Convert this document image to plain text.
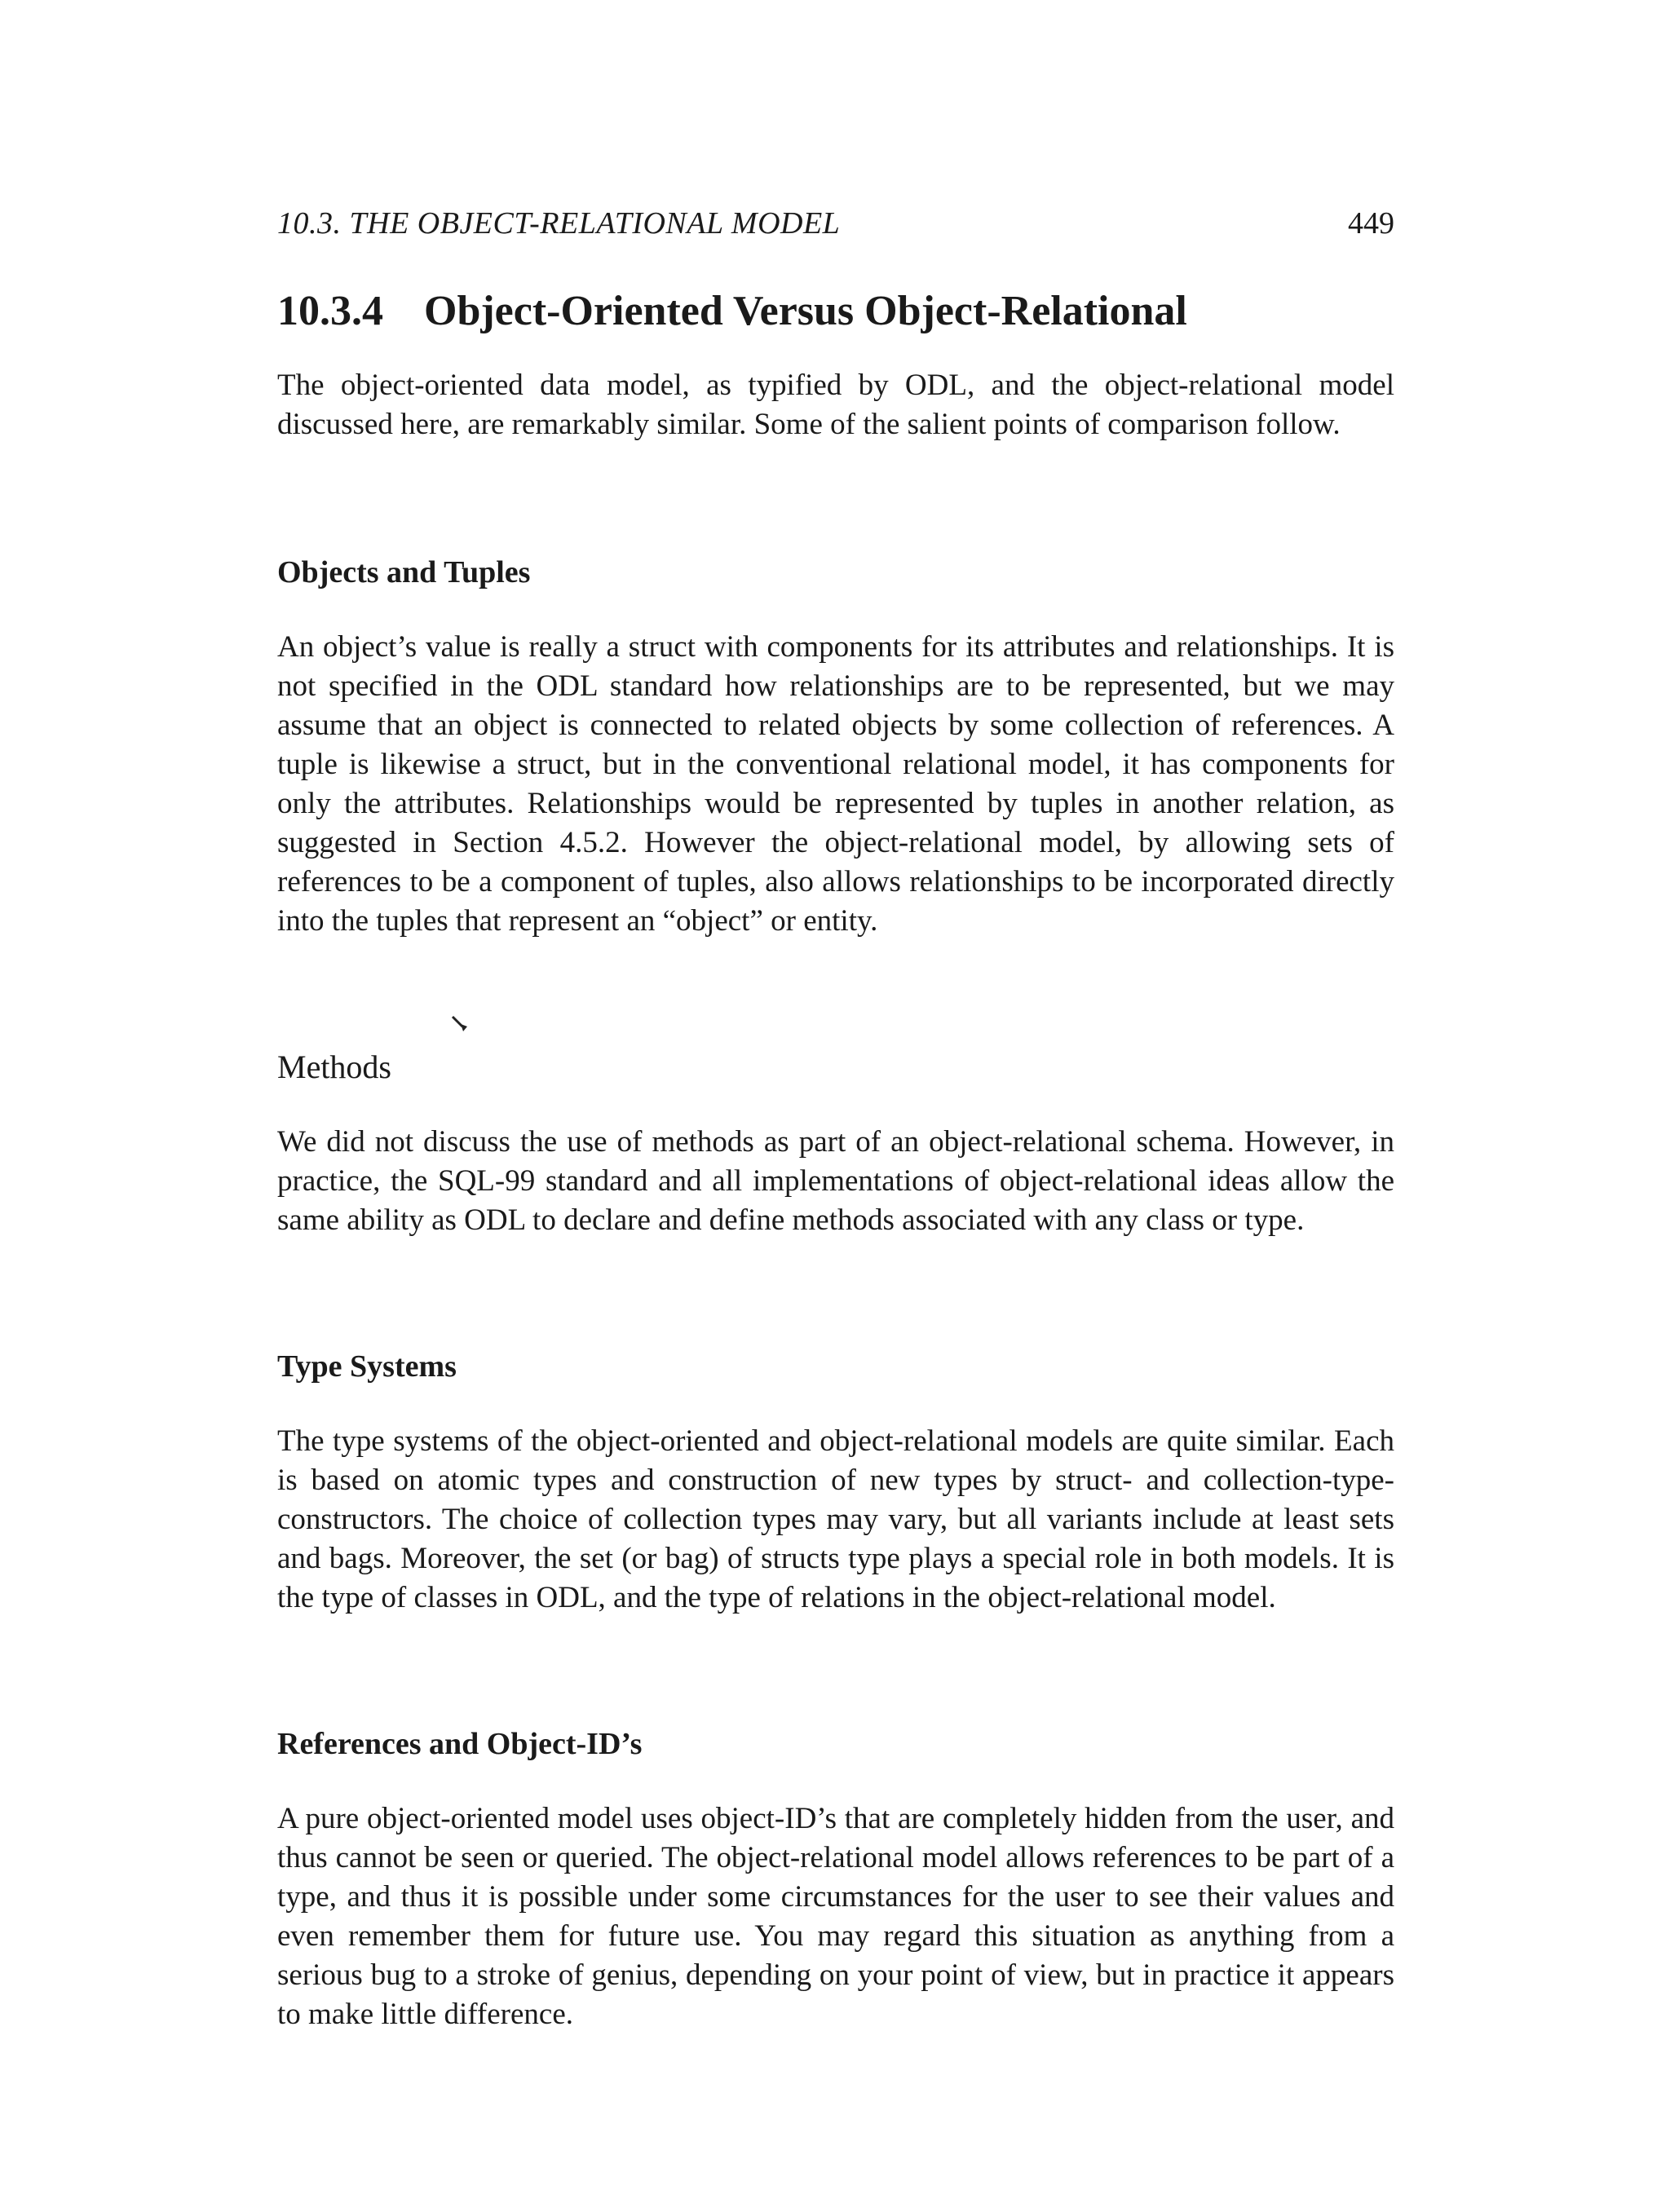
10.3. THE OBJECT-RELATIONAL MODEL	449
10.3.4 Object-Oriented Versus Object-Relational

The object-oriented data model, as typified by ODL, and the object-relational model discussed here, are remarkably similar. Some of the salient points of comparison follow.

Objects and Tuples

An object’s value is really a struct with components for its attributes and relationships. It is not specified in the ODL standard how relationships are to be represented, but we may assume that an object is connected to related objects by some collection of references. A tuple is likewise a struct, but in the conventional relational model, it has components for only the attributes. Relationships would be represented by tuples in another relation, as suggested in Section 4.5.2. However the object-relational model, by allowing sets of references to be a component of tuples, also allows relationships to be incorporated directly into the tuples that represent an “object” or entity.

Methods

We did not discuss the use of methods as part of an object-relational schema. However, in practice, the SQL-99 standard and all implementations of object-relational ideas allow the same ability as ODL to declare and define methods associated with any class or type.

Type Systems

The type systems of the object-oriented and object-relational models are quite similar. Each is based on atomic types and construction of new types by struct- and collection-type-constructors. The choice of collection types may vary, but all variants include at least sets and bags. Moreover, the set (or bag) of structs type plays a special role in both models. It is the type of classes in ODL, and the type of relations in the object-relational model.

References and Object-ID’s

A pure object-oriented model uses object-ID’s that are completely hidden from the user, and thus cannot be seen or queried. The object-relational model allows references to be part of a type, and thus it is possible under some circumstances for the user to see their values and even remember them for future use. You may regard this situation as anything from a serious bug to a stroke of genius, depending on your point of view, but in practice it appears to make little difference.
